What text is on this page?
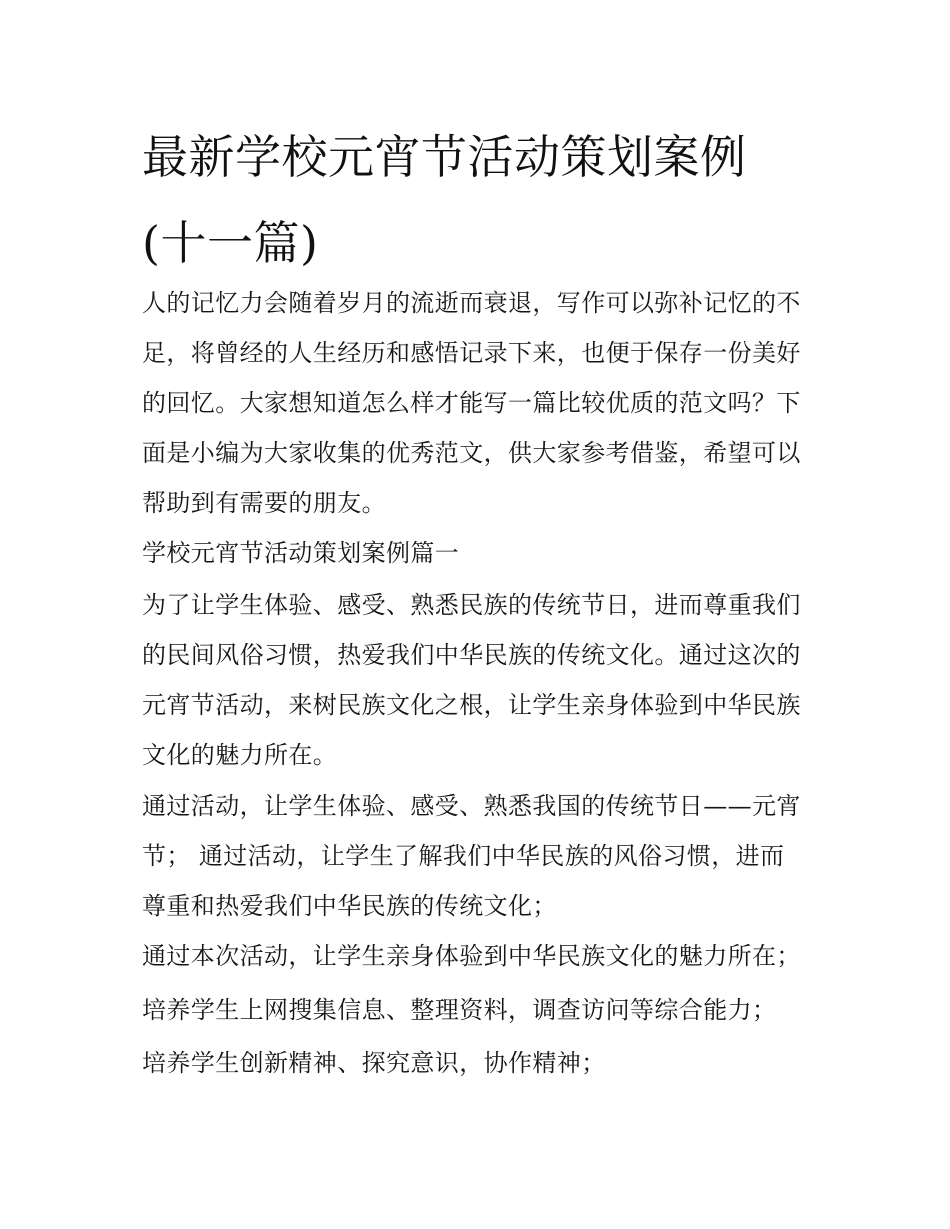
最新学校元宵节活动策划案例
(十一篇)

人的记忆力会随着岁月的流逝而衰退，写作可以弥补记忆的不
足，将曾经的人生经历和感悟记录下来，也便于保存一份美好
的回忆。大家想知道怎么样才能写一篇比较优质的范文吗？下
面是小编为大家收集的优秀范文，供大家参考借鉴，希望可以
帮助到有需要的朋友。

学校元宵节活动策划案例篇一

为了让学生体验、感受、熟悉民族的传统节日，进而尊重我们
的民间风俗习惯，热爱我们中华民族的传统文化。通过这次的
元宵节活动，来树民族文化之根，让学生亲身体验到中华民族
文化的魅力所在。

通过活动，让学生体验、感受、熟悉我国的传统节日——元宵
节； 通过活动，让学生了解我们中华民族的风俗习惯，进而
尊重和热爱我们中华民族的传统文化；

通过本次活动，让学生亲身体验到中华民族文化的魅力所在；

培养学生上网搜集信息、整理资料，调查访问等综合能力；

培养学生创新精神、探究意识，协作精神；
